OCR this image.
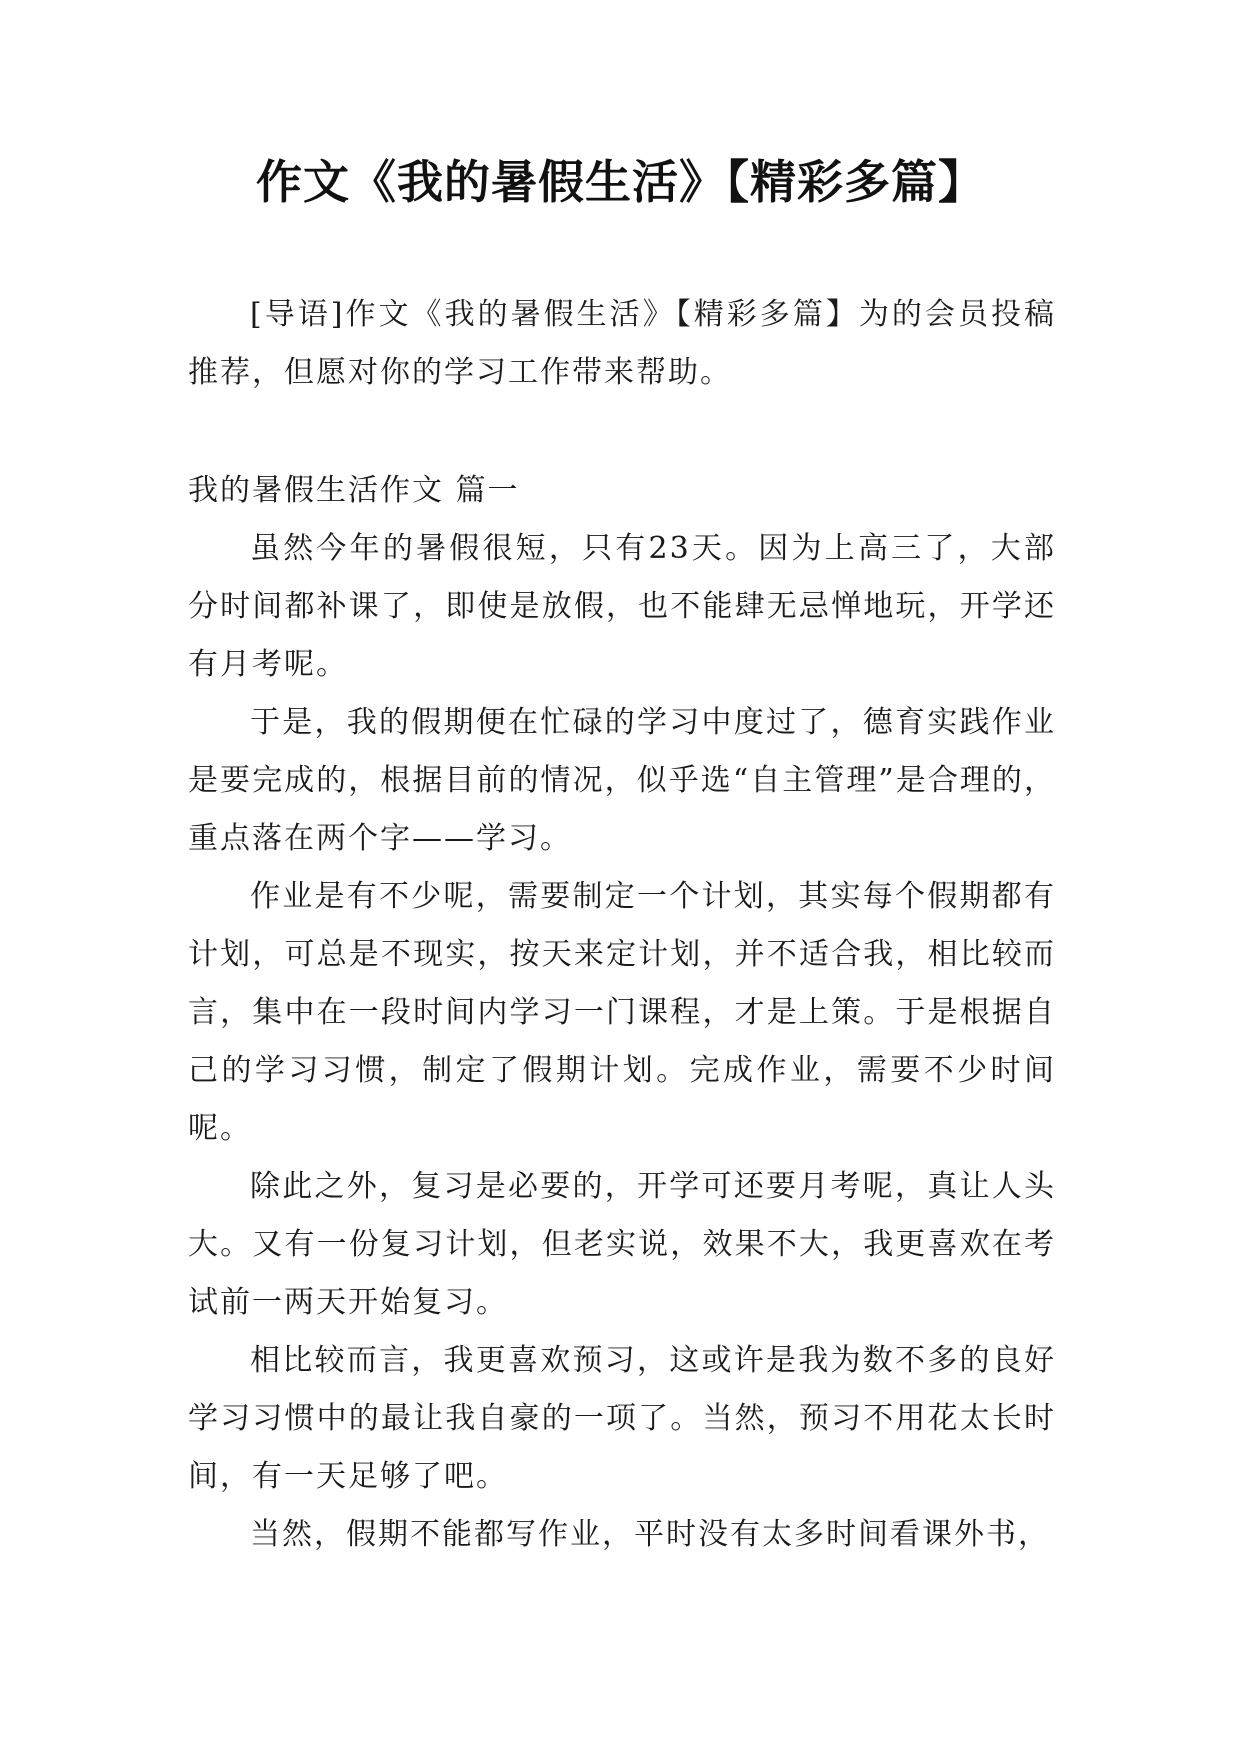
作文《我的暑假生活》【精彩多篇】

[导语]作文《我的暑假生活》【精彩多篇】为的会员投稿推荐，但愿对你的学习工作带来帮助。

我的暑假生活作文 篇一

虽然今年的暑假很短，只有23天。因为上高三了，大部分时间都补课了，即使是放假，也不能肆无忌惮地玩，开学还有月考呢。

于是，我的假期便在忙碌的学习中度过了，德育实践作业是要完成的，根据目前的情况，似乎选“自主管理”是合理的，重点落在两个字——学习。

作业是有不少呢，需要制定一个计划，其实每个假期都有计划，可总是不现实，按天来定计划，并不适合我，相比较而言，集中在一段时间内学习一门课程，才是上策。于是根据自己的学习习惯，制定了假期计划。完成作业，需要不少时间呢。

除此之外，复习是必要的，开学可还要月考呢，真让人头大。又有一份复习计划，但老实说，效果不大，我更喜欢在考试前一两天开始复习。

相比较而言，我更喜欢预习，这或许是我为数不多的良好学习习惯中的最让我自豪的一项了。当然，预习不用花太长时间，有一天足够了吧。

当然，假期不能都写作业，平时没有太多时间看课外书，
